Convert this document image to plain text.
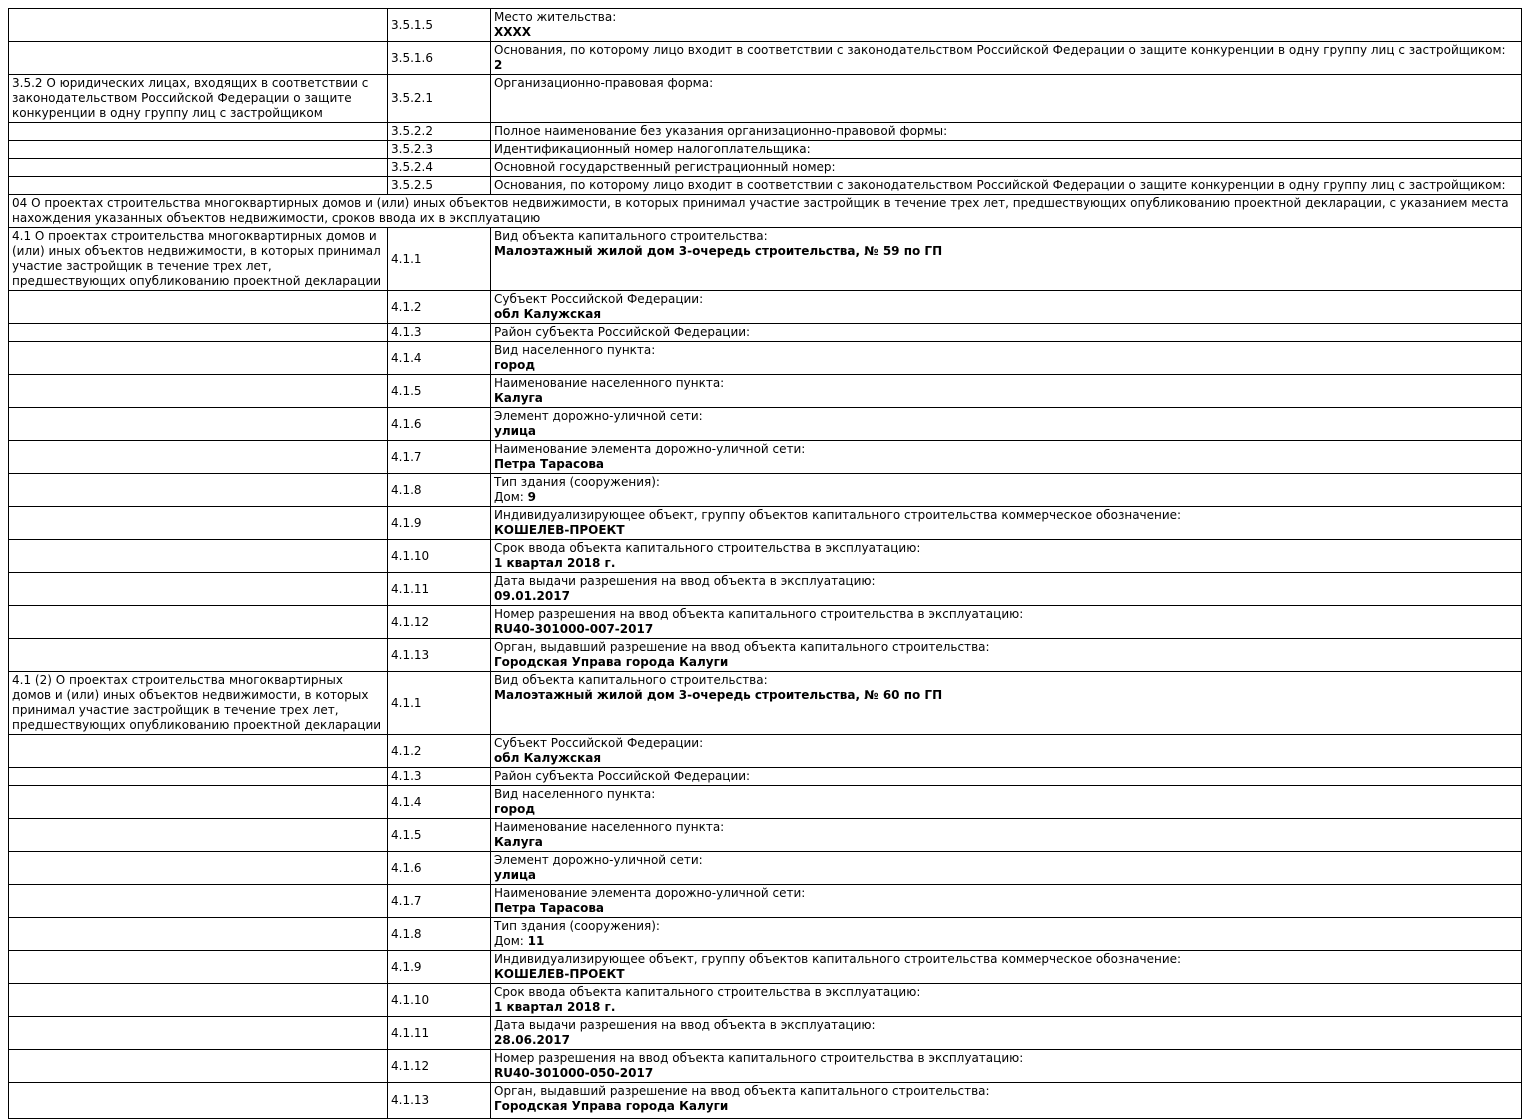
	3.5.1.5	Место жительства:
ХХХХ

	3.5.1.6	Основания, по которому лицо входит в соответствии с законодательством Российской Федерации о защите конкуренции в одну группу лиц с застройщиком:
2

3.5.2 О юридических лицах, входящих в соответствии с законодательством Российской Федерации о защите конкуренции в одну группу лиц с застройщиком	3.5.2.1	Организационно-правовая форма:

	3.5.2.2	Полное наименование без указания организационно-правовой формы:

	3.5.2.3	Идентификационный номер налогоплательщика:

	3.5.2.4	Основной государственный регистрационный номер:

	3.5.2.5	Основания, по которому лицо входит в соответствии с законодательством Российской Федерации о защите конкуренции в одну группу лиц с застройщиком:

04 О проектах строительства многоквартирных домов и (или) иных объектов недвижимости, в которых принимал участие застройщик в течение трех лет, предшествующих опубликованию проектной декларации, с указанием места нахождения указанных объектов недвижимости, сроков ввода их в эксплуатацию		
4.1 О проектах строительства многоквартирных домов и (или) иных объектов недвижимости, в которых принимал участие застройщик в течение трех лет, предшествующих опубликованию проектной декларации	4.1.1	Вид объекта капитального строительства:
Малоэтажный жилой дом 3-очередь строительства, № 59 по ГП

	4.1.2	Субъект Российской Федерации:
обл Калужская

	4.1.3	Район субъекта Российской Федерации:

	4.1.4	Вид населенного пункта:
город

	4.1.5	Наименование населенного пункта:
Калуга

	4.1.6	Элемент дорожно-уличной сети:
улица

	4.1.7	Наименование элемента дорожно-уличной сети:
Петра Тарасова

	4.1.8	Тип здания (сооружения):
Дом: 9

	4.1.9	Индивидуализирующее объект, группу объектов капитального строительства коммерческое обозначение:
КОШЕЛЕВ-ПРОЕКТ

	4.1.10	Срок ввода объекта капитального строительства в эксплуатацию:
1 квартал 2018 г.

	4.1.11	Дата выдачи разрешения на ввод объекта в эксплуатацию:
09.01.2017

	4.1.12	Номер разрешения на ввод объекта капитального строительства в эксплуатацию:
RU40-301000-007-2017

	4.1.13	Орган, выдавший разрешение на ввод объекта капитального строительства:
Городская Управа города Калуги

4.1 (2) О проектах строительства многоквартирных домов и (или) иных объектов недвижимости, в которых принимал участие застройщик в течение трех лет, предшествующих опубликованию проектной декларации	4.1.1	Вид объекта капитального строительства:
Малоэтажный жилой дом 3-очередь строительства, № 60 по ГП

	4.1.2	Субъект Российской Федерации:
обл Калужская

	4.1.3	Район субъекта Российской Федерации:

	4.1.4	Вид населенного пункта:
город

	4.1.5	Наименование населенного пункта:
Калуга

	4.1.6	Элемент дорожно-уличной сети:
улица

	4.1.7	Наименование элемента дорожно-уличной сети:
Петра Тарасова

	4.1.8	Тип здания (сооружения):
Дом: 11

	4.1.9	Индивидуализирующее объект, группу объектов капитального строительства коммерческое обозначение:
КОШЕЛЕВ-ПРОЕКТ

	4.1.10	Срок ввода объекта капитального строительства в эксплуатацию:
1 квартал 2018 г.

	4.1.11	Дата выдачи разрешения на ввод объекта в эксплуатацию:
28.06.2017

	4.1.12	Номер разрешения на ввод объекта капитального строительства в эксплуатацию:
RU40-301000-050-2017

	4.1.13	Орган, выдавший разрешение на ввод объекта капитального строительства:
Городская Управа города Калуги
